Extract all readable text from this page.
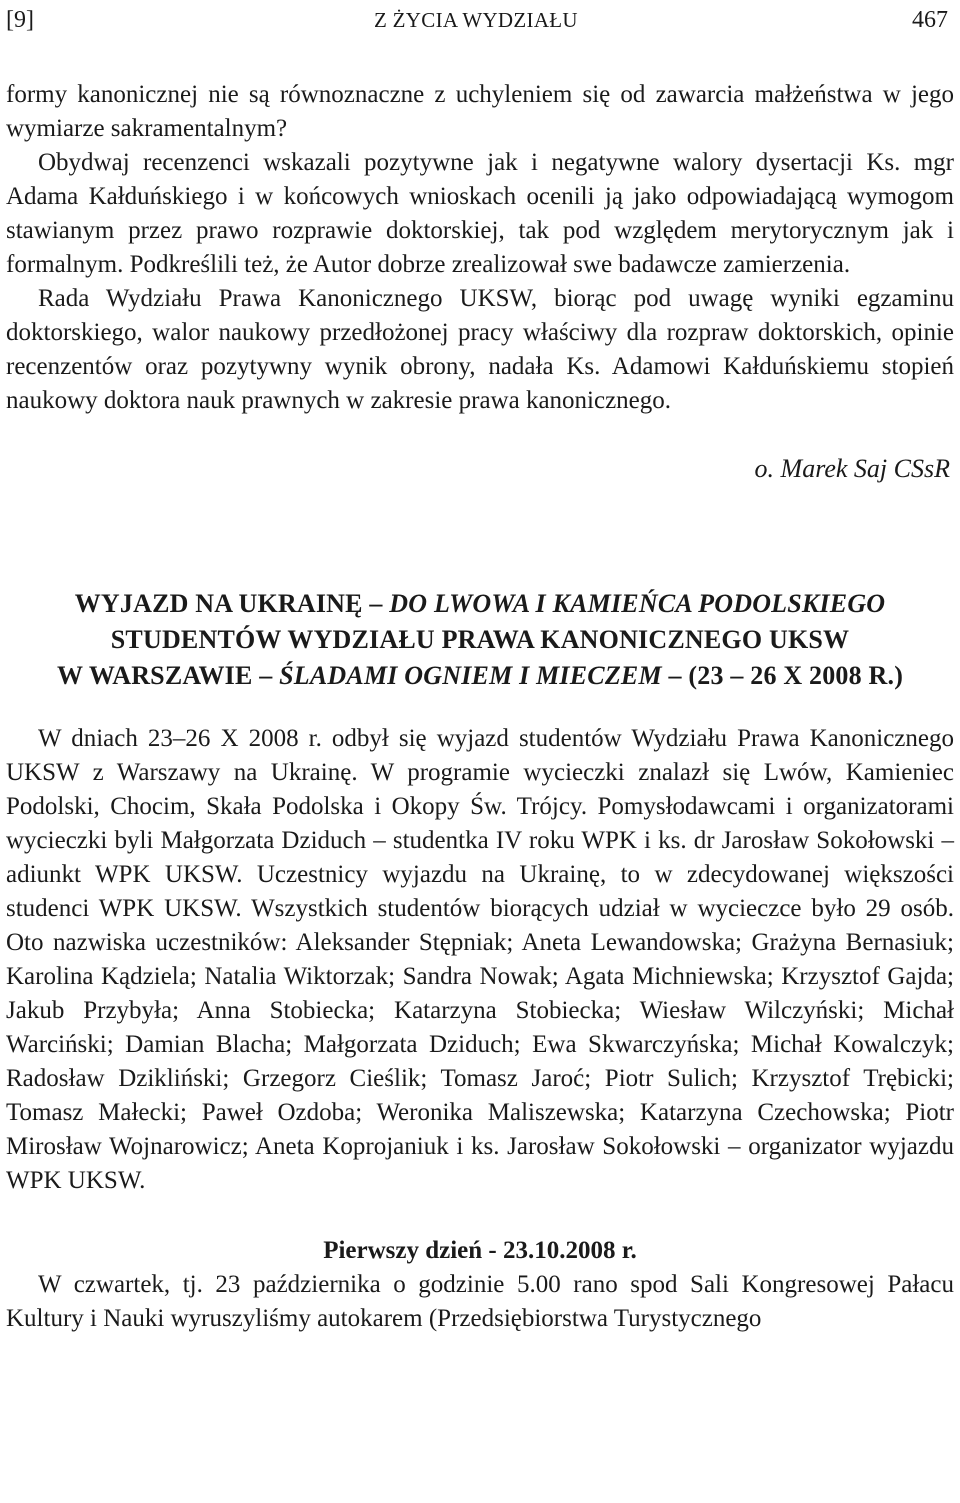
[9]	Z ŻYCIA WYDZIAŁU	467

formy kanonicznej nie są równoznaczne z uchyleniem się od zawarcia małżeństwa w jego wymiarze sakramentalnym?

Obydwaj recenzenci wskazali pozytywne jak i negatywne walory dysertacji Ks. mgr Adama Kałduńskiego i w końcowych wnioskach ocenili ją jako odpowiadającą wymogom stawianym przez prawo rozprawie doktorskiej, tak pod względem merytorycznym jak i formalnym. Podkreślili też, że Autor dobrze zrealizował swe badawcze zamierzenia.

Rada Wydziału Prawa Kanonicznego UKSW, biorąc pod uwagę wyniki egzaminu doktorskiego, walor naukowy przedłożonej pracy właściwy dla rozpraw doktorskich, opinie recenzentów oraz pozytywny wynik obrony, nadała Ks. Adamowi Kałduńskiemu stopień naukowy doktora nauk prawnych w zakresie prawa kanonicznego.

o. Marek Saj CSsR
WYJAZD NA UKRAINĘ – DO LWOWA I KAMIEŃCA PODOLSKIEGO
STUDENTÓW WYDZIAŁU PRAWA KANONICZNEGO UKSW
W WARSZAWIE – ŚLADAMI OGNIEM I MIECZEM – (23 – 26 X 2008 R.)

W dniach 23–26 X 2008 r. odbył się wyjazd studentów Wydziału Prawa Kanonicznego UKSW z Warszawy na Ukrainę. W programie wycieczki znalazł się Lwów, Kamieniec Podolski, Chocim, Skała Podolska i Okopy Św. Trójcy. Pomysłodawcami i organizatorami wycieczki byli Małgorzata Dziduch – studentka IV roku WPK i ks. dr Jarosław Sokołowski – adiunkt WPK UKSW. Uczestnicy wyjazdu na Ukrainę, to w zdecydowanej większości studenci WPK UKSW. Wszystkich studentów biorących udział w wycieczce było 29 osób. Oto nazwiska uczestników: Aleksander Stępniak; Aneta Lewandowska; Grażyna Bernasiuk; Karolina Kądziela; Natalia Wiktorzak; Sandra Nowak; Agata Michniewska; Krzysztof Gajda; Jakub Przybyła; Anna Stobiecka; Katarzyna Stobiecka; Wiesław Wilczyński; Michał Warciński; Damian Blacha; Małgorzata Dziduch; Ewa Skwarczyńska; Michał Kowalczyk; Radosław Dzikliński; Grzegorz Cieślik; Tomasz Jaroć; Piotr Sulich; Krzysztof Trębicki; Tomasz Małecki; Paweł Ozdoba; Weronika Maliszewska; Katarzyna Czechowska; Piotr Mirosław Wojnarowicz; Aneta Koprojaniuk i ks. Jarosław Sokołowski – organizator wyjazdu WPK UKSW.

Pierwszy dzień - 23.10.2008 r.

W czwartek, tj. 23 października o godzinie 5.00 rano spod Sali Kongresowej Pałacu Kultury i Nauki wyruszyliśmy autokarem (Przedsiębiorstwa Turystycznego
